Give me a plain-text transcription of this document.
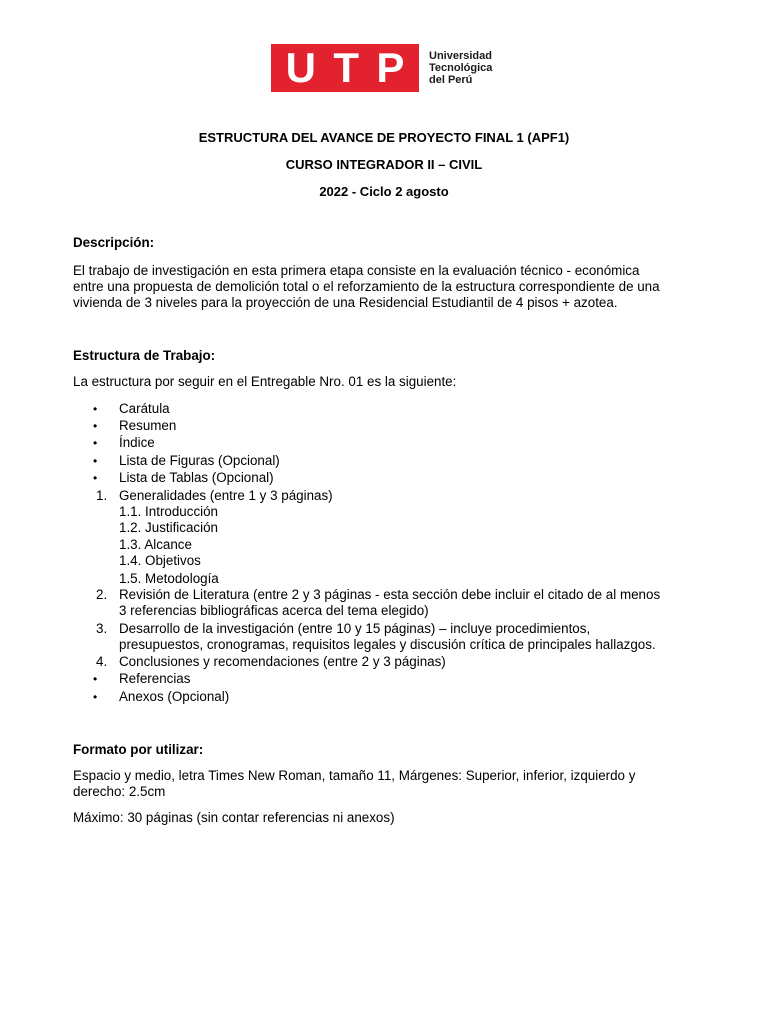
U T P Universidad
Tecnológica
del Perú
ESTRUCTURA DEL AVANCE DE PROYECTO FINAL 1 (APF1)
CURSO INTEGRADOR II – CIVIL
2022 - Ciclo 2 agosto
Descripción:
El trabajo de investigación en esta primera etapa consiste en la evaluación técnico - económica
entre una propuesta de demolición total o el reforzamiento de la estructura correspondiente de una
vivienda de 3 niveles para la proyección de una Residencial Estudiantil de 4 pisos + azotea.
Estructura de Trabajo:
La estructura por seguir en el Entregable Nro. 01 es la siguiente:
• Carátula
• Resumen
• Índice
• Lista de Figuras (Opcional)
• Lista de Tablas (Opcional)
1. Generalidades (entre 1 y 3 páginas)
1.1. Introducción
1.2. Justificación
1.3. Alcance
1.4. Objetivos
1.5. Metodología
2. Revisión de Literatura (entre 2 y 3 páginas - esta sección debe incluir el citado de al menos
3 referencias bibliográficas acerca del tema elegido)
3. Desarrollo de la investigación (entre 10 y 15 páginas) – incluye procedimientos,
presupuestos, cronogramas, requisitos legales y discusión crítica de principales hallazgos.
4. Conclusiones y recomendaciones (entre 2 y 3 páginas)
• Referencias
• Anexos (Opcional)
Formato por utilizar:
Espacio y medio, letra Times New Roman, tamaño 11, Márgenes: Superior, inferior, izquierdo y
derecho: 2.5cm
Máximo: 30 páginas (sin contar referencias ni anexos)
